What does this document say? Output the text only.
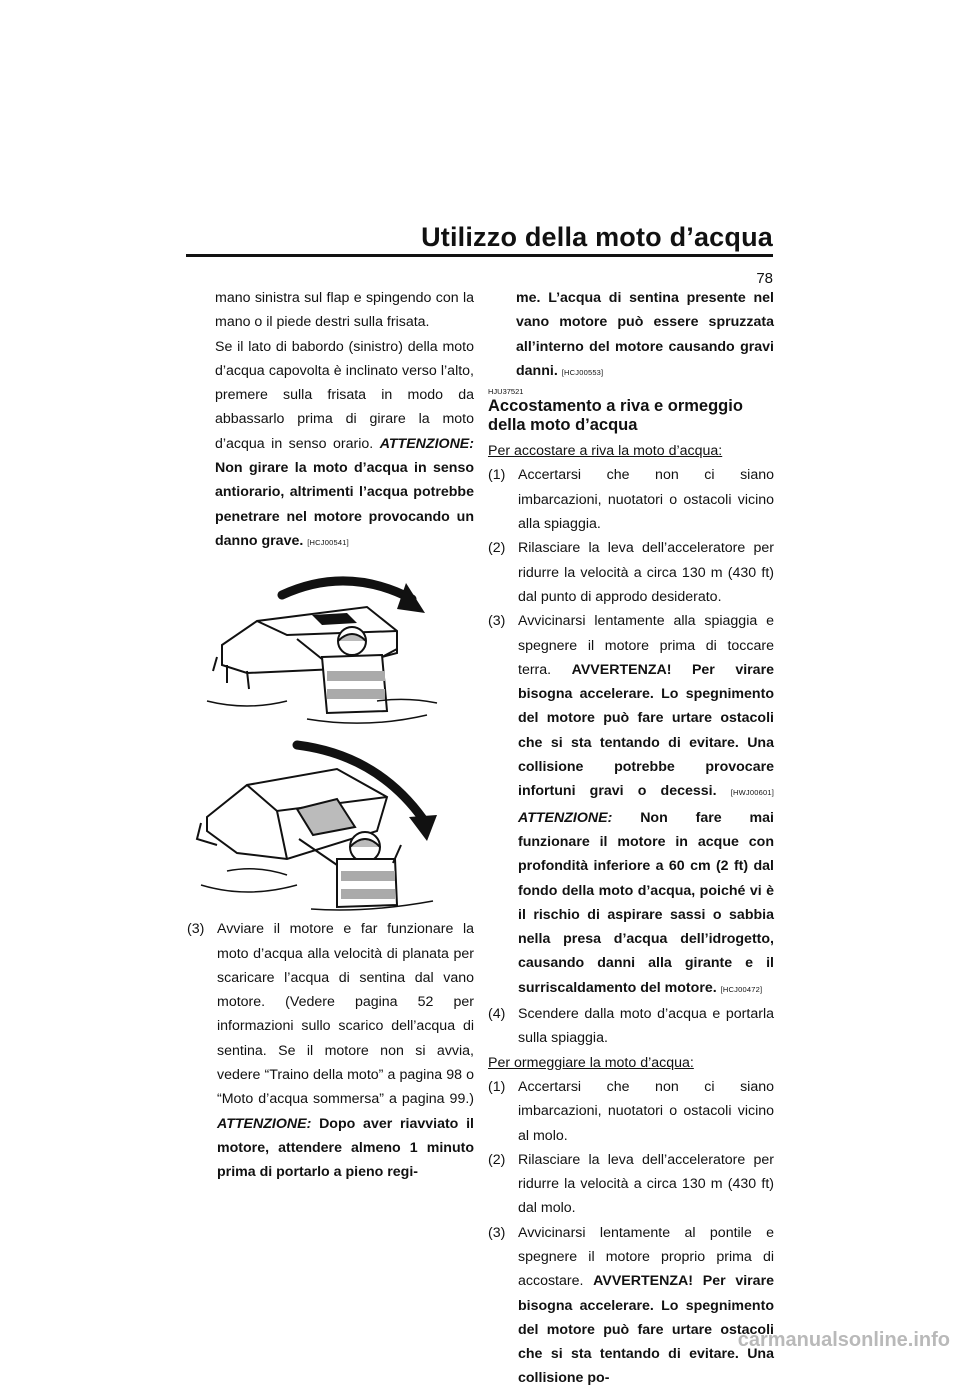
Utilizzo della moto d’acqua
78

mano sinistra sul flap e spingendo con la mano o il piede destri sulla frisata.

Se il lato di babordo (sinistro) della moto d’acqua capovolta è inclinato verso l’alto, premere sulla frisata in modo da abbassarlo prima di girare la moto d’acqua in senso orario. ATTENZIONE: Non girare la moto d’acqua in senso antiorario, altrimenti l’acqua potrebbe penetrare nel motore provocando un danno grave. [HCJ00541]

(3) Avviare il motore e far funzionare la moto d’acqua alla velocità di planata per scaricare l’acqua di sentina dal vano motore. (Vedere pagina 52 per informazioni sullo scarico dell’acqua di sentina. Se il motore non si avvia, vedere “Traino della moto” a pagina 98 o “Moto d’acqua sommersa” a pagina 99.) ATTENZIONE: Dopo aver riavviato il motore, attendere almeno 1 minuto prima di portarlo a pieno regi-

me. L’acqua di sentina presente nel vano motore può essere spruzzata all’interno del motore causando gravi danni. [HCJ00553]

HJU37521

Accostamento a riva e ormeggio della moto d’acqua

Per accostare a riva la moto d’acqua:

(1) Accertarsi che non ci siano imbarcazioni, nuotatori o ostacoli vicino alla spiaggia.
(2) Rilasciare la leva dell’acceleratore per ridurre la velocità a circa 130 m (430 ft) dal punto di approdo desiderato.
(3) Avvicinarsi lentamente alla spiaggia e spegnere il motore prima di toccare terra. AVVERTENZA! Per virare bisogna accelerare. Lo spegnimento del motore può fare urtare ostacoli che si sta tentando di evitare. Una collisione potrebbe provocare infortuni gravi o decessi. [HWJ00601] ATTENZIONE: Non fare mai funzionare il motore in acque con profondità inferiore a 60 cm (2 ft) dal fondo della moto d’acqua, poiché vi è il rischio di aspirare sassi o sabbia nella presa d’acqua dell’idrogetto, causando danni alla girante e il surriscaldamento del motore. [HCJ00472]
(4) Scendere dalla moto d’acqua e portarla sulla spiaggia.

Per ormeggiare la moto d’acqua:

(1) Accertarsi che non ci siano imbarcazioni, nuotatori o ostacoli vicino al molo.
(2) Rilasciare la leva dell’acceleratore per ridurre la velocità a circa 130 m (430 ft) dal molo.
(3) Avvicinarsi lentamente al pontile e spegnere il motore proprio prima di accostare. AVVERTENZA! Per virare bisogna accelerare. Lo spegnimento del motore può fare urtare ostacoli che si sta tentando di evitare. Una collisione po-
carmanualsonline.info
